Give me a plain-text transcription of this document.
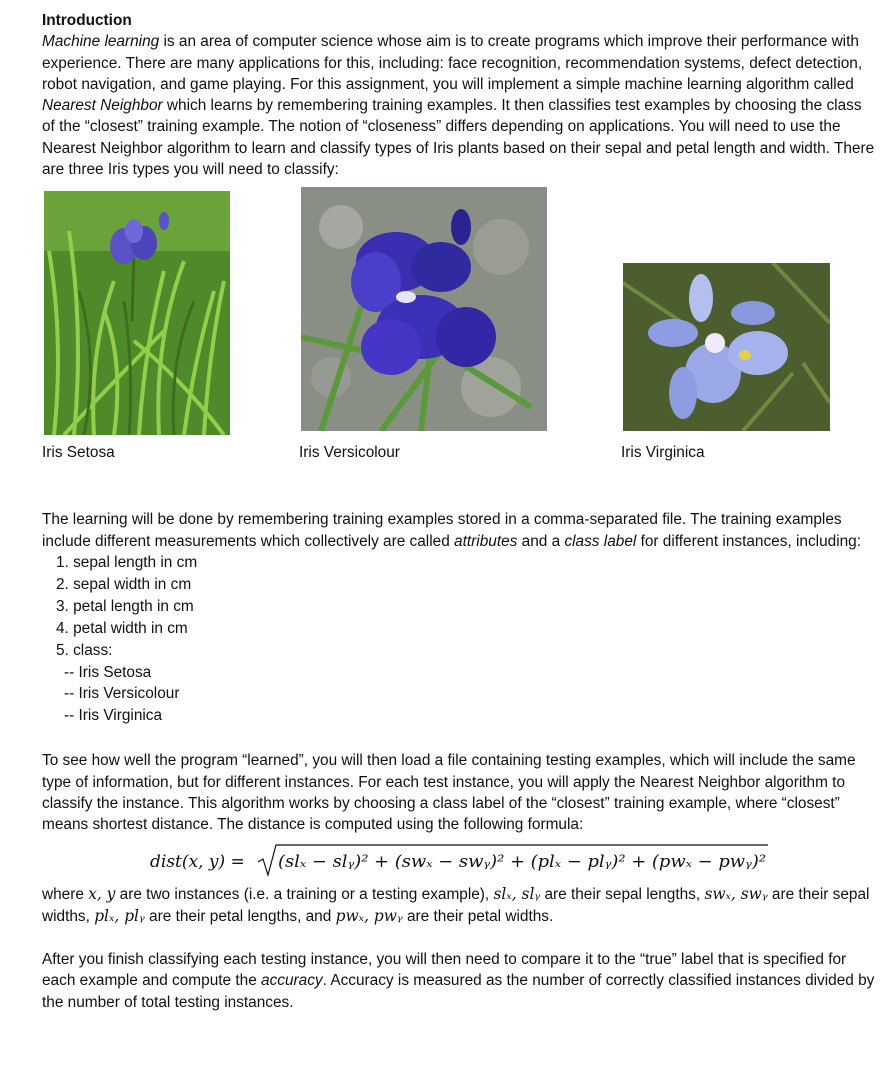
Introduction

Machine learning is an area of computer science whose aim is to create programs which improve their performance with experience. There are many applications for this, including: face recognition, recommendation systems, defect detection, robot navigation, and game playing. For this assignment, you will implement a simple machine learning algorithm called Nearest Neighbor which learns by remembering training examples. It then classifies test examples by choosing the class of the “closest” training example. The notion of “closeness” differs depending on applications. You will need to use the Nearest Neighbor algorithm to learn and classify types of Iris plants based on their sepal and petal length and width. There are three Iris types you will need to classify:

Iris Setosa	Iris Versicolour	Iris Virginica

The learning will be done by remembering training examples stored in a comma-separated file. The training examples include different measurements which collectively are called attributes and a class label for different instances, including:

1. sepal length in cm
2. sepal width in cm
3. petal length in cm
4. petal width in cm
5. class:
-- Iris Setosa
-- Iris Versicolour
-- Iris Virginica

To see how well the program “learned”, you will then load a file containing testing examples, which will include the same type of information, but for different instances. For each test instance, you will apply the Nearest Neighbor algorithm to classify the instance. This algorithm works by choosing a class label of the “closest” training example, where “closest” means shortest distance. The distance is computed using the following formula:

dist(x, y) = (slₓ − slᵧ)² + (swₓ − swᵧ)² + (plₓ − plᵧ)² + (pwₓ − pwᵧ)²

where x, y are two instances (i.e. a training or a testing example), slₓ, slᵧ are their sepal lengths, swₓ, swᵧ are their sepal widths, plₓ, plᵧ are their petal lengths, and pwₓ, pwᵧ are their petal widths.

After you finish classifying each testing instance, you will then need to compare it to the “true” label that is specified for each example and compute the accuracy. Accuracy is measured as the number of correctly classified instances divided by the number of total testing instances.
